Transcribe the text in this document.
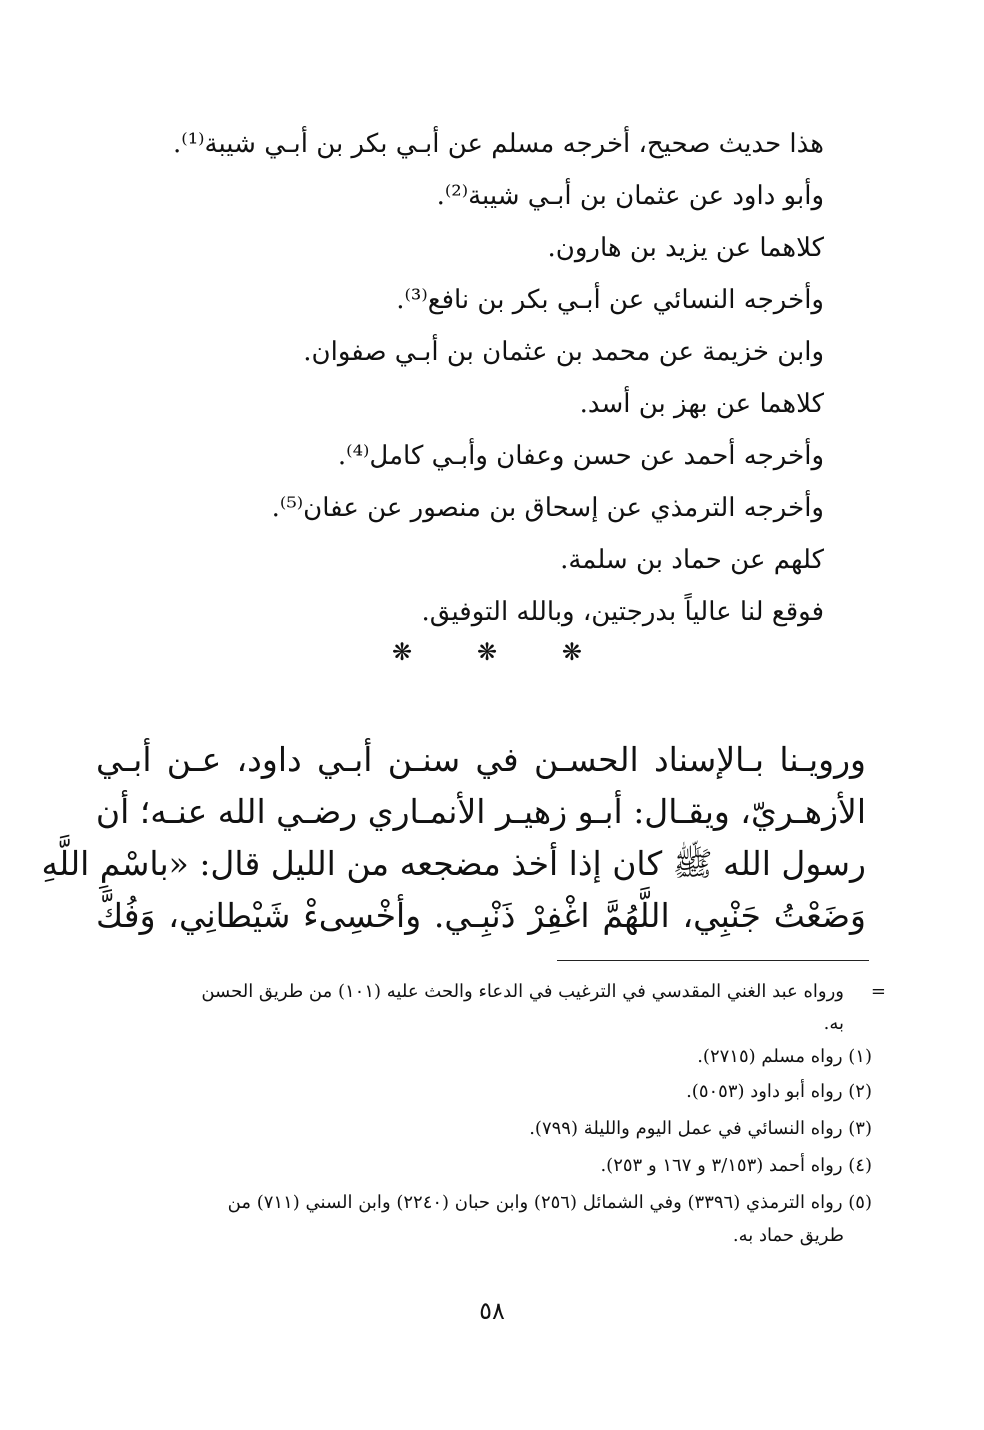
هذا حديث صحيح، أخرجه مسلم عن أبـي بكر بن أبـي شيبة⁽¹⁾.
وأبو داود عن عثمان بن أبـي شيبة⁽²⁾.
كلاهما عن يزيد بن هارون.
وأخرجه النسائي عن أبـي بكر بن نافع⁽³⁾.
وابن خزيمة عن محمد بن عثمان بن أبـي صفوان.
كلاهما عن بهز بن أسد.
وأخرجه أحمد عن حسن وعفان وأبـي كامل⁽⁴⁾.
وأخرجه الترمذي عن إسحاق بن منصور عن عفان⁽⁵⁾.
كلهم عن حماد بن سلمة.
فوقع لنا عالياً بدرجتين، وبالله التوفيق.
❋	❋	❋
ورويـنا بـالإسناد الحسـن في سنـن أبـي داود، عـن أبـي
الأزهـريّ، ويقـال: أبـو زهيـر الأنمـاري رضـي الله عنـه؛ أن
رسول الله ﷺ كان إذا أخذ مضجعه من الليل قال: «باسْمِ اللَّهِ
وَضَعْتُ جَنْبِي، اللَّهُمَّ اغْفِرْ ذَنْبِـي. وأخْسِىءْ شَيْطانِي، وَفُكَّ
=
ورواه عبد الغني المقدسي في الترغيب في الدعاء والحث عليه (١٠١) من طريق الحسن
به.
(١) رواه مسلم (٢٧١٥).
(٢) رواه أبو داود (٥٠٥٣).
(٣) رواه النسائي في عمل اليوم والليلة (٧٩٩).
(٤) رواه أحمد (٣/١٥٣ و ١٦٧ و ٢٥٣).
(٥) رواه الترمذي (٣٣٩٦) وفي الشمائل (٢٥٦) وابن حبان (٢٢٤٠) وابن السني (٧١١) من
طريق حماد به.
٥٨
